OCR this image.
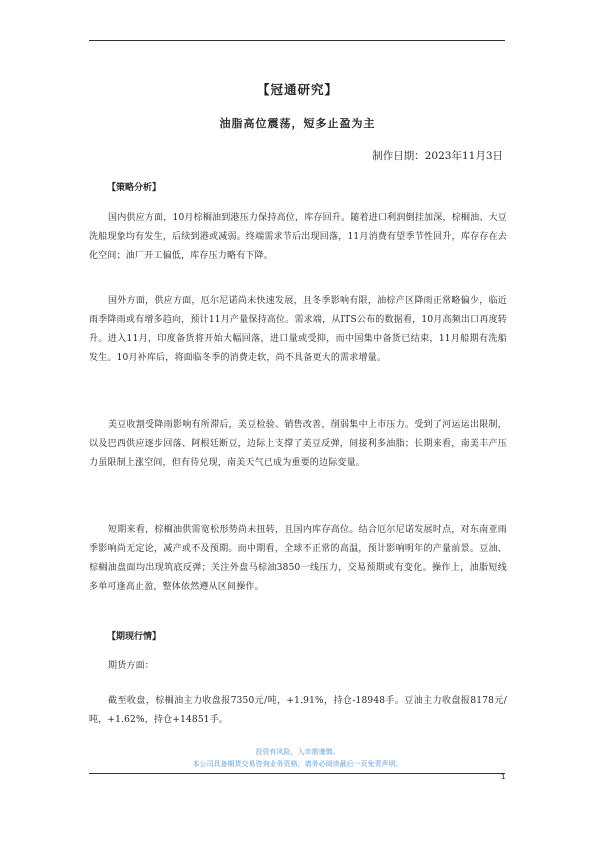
【冠通研究】
油脂高位震荡，短多止盈为主
制作日期：2023年11月3日
【策略分析】
国内供应方面，10月棕榈油到港压力保持高位，库存回升。随着进口利润倒挂加深，棕榈油、大豆洗船现象均有发生，后续到港或减弱。终端需求节后出现回落，11月消费有望季节性回升，库存存在去化空间；油厂开工偏低，库存压力略有下降。
国外方面，供应方面，厄尔尼诺尚未快速发展，且冬季影响有限，油棕产区降雨正常略偏少，临近雨季降雨或有增多趋向，预计11月产量保持高位。需求端，从ITS公布的数据看，10月高频出口再度转升。进入11月，印度备货将开始大幅回落，进口量或受抑，而中国集中备货已结束，11月船期有洗船发生。10月补库后，将面临冬季的消费走软，尚不具备更大的需求增量。
美豆收割受降雨影响有所滞后，美豆检验、销售改善，削弱集中上市压力。受到了河运运出限制，以及巴西供应逐步回落、阿根廷断豆，边际上支撑了美豆反弹，间接利多油脂；长期来看，南美丰产压力虽限制上涨空间，但有待兑现，南美天气已成为重要的边际变量。
短期来看，棕榈油供需宽松形势尚未扭转，且国内库存高位。结合厄尔尼诺发展时点，对东南亚雨季影响尚无定论，减产或不及预期。而中期看，全球不正常的高温，预计影响明年的产量前景。豆油、棕榈油盘面均出现筑底反弹；关注外盘马棕油3850一线压力，交易预期或有变化。操作上，油脂短线多单可逢高止盈，整体依然遵从区间操作。
【期现行情】
期货方面：
截至收盘，棕榈油主力收盘报7350元/吨，+1.91%，持仓-18948手。豆油主力收盘报8178元/吨，+1.62%，持仓+14851手。
投资有风险，入市需谨慎。
本公司具备期货交易咨询业务资格，请务必阅读最后一页免责声明。
1
